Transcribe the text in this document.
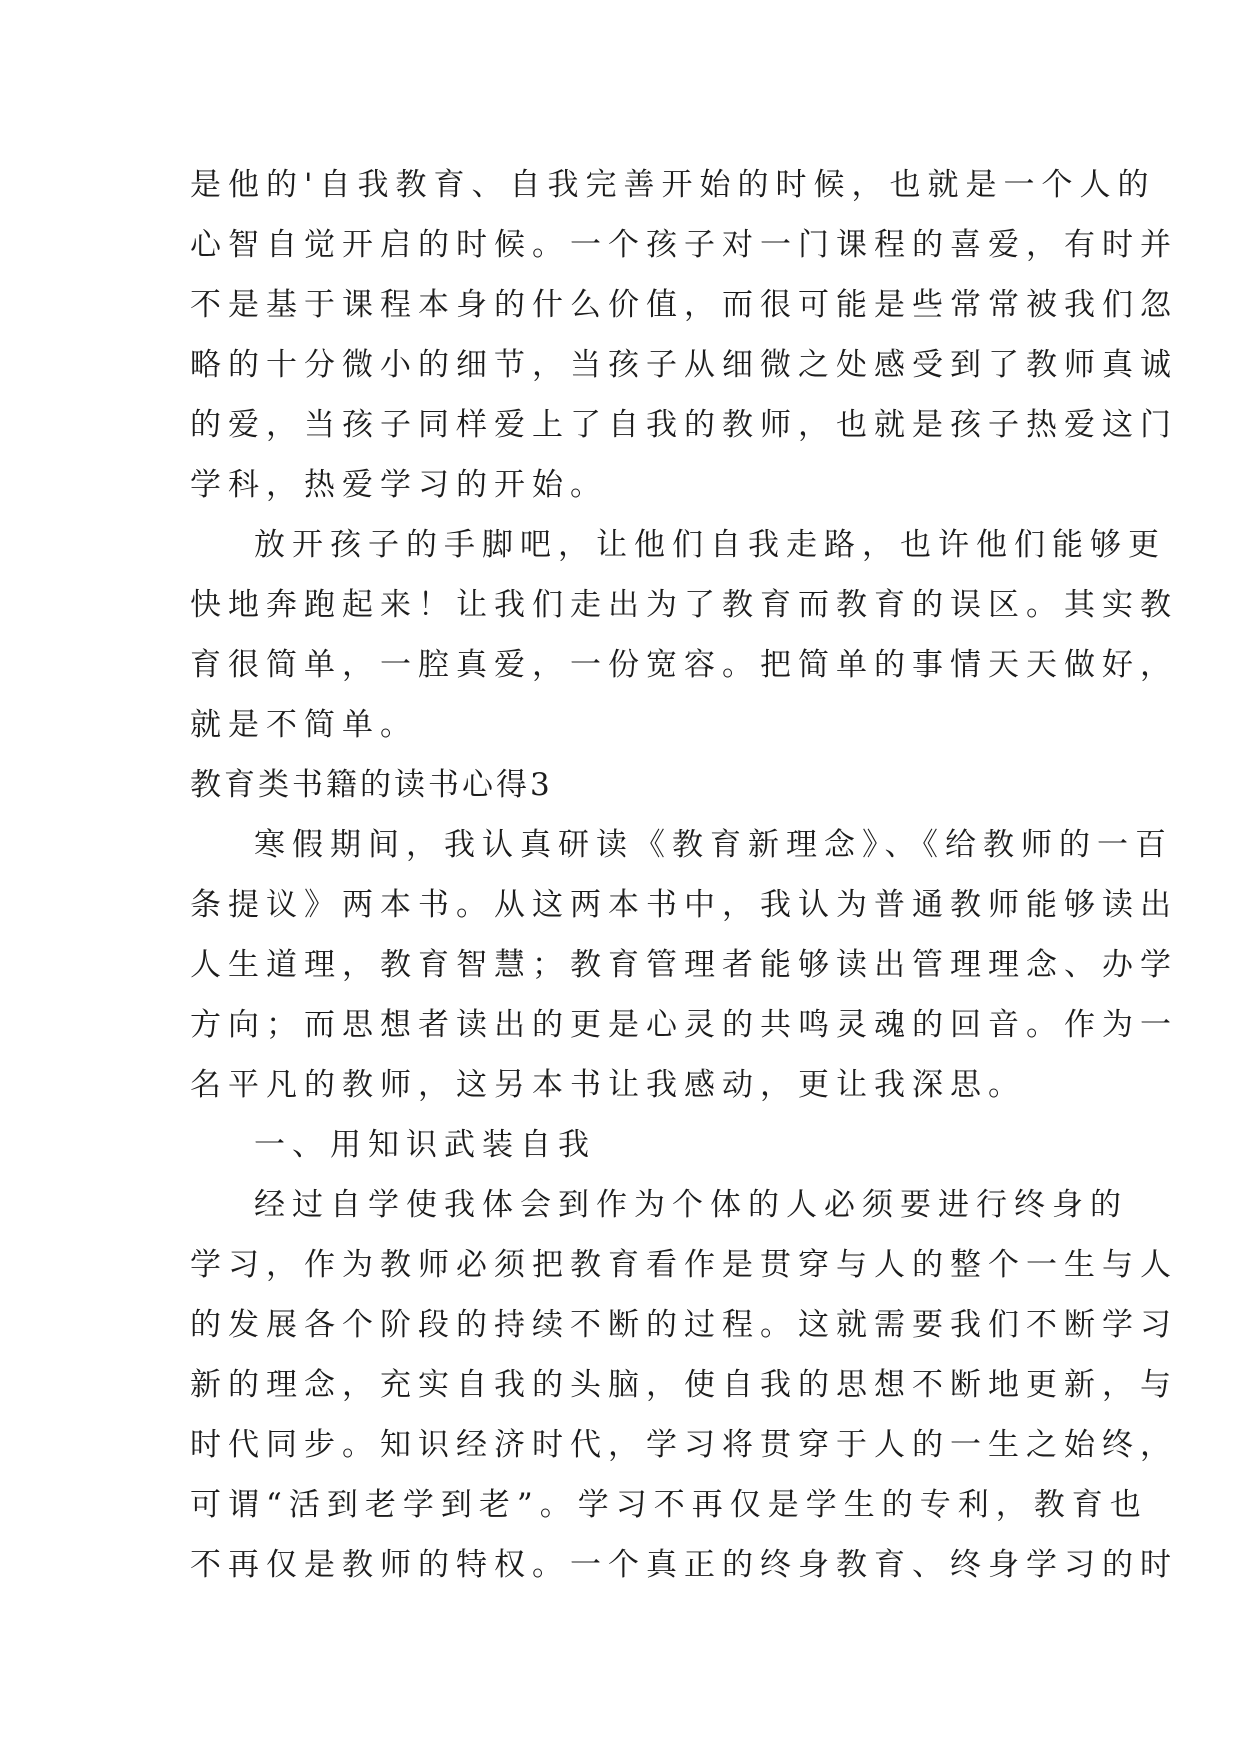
是他的'自我教育、自我完善开始的时候，也就是一个人的
心智自觉开启的时候。一个孩子对一门课程的喜爱，有时并
不是基于课程本身的什么价值，而很可能是些常常被我们忽
略的十分微小的细节，当孩子从细微之处感受到了教师真诚
的爱，当孩子同样爱上了自我的教师，也就是孩子热爱这门
学科，热爱学习的开始。
放开孩子的手脚吧，让他们自我走路，也许他们能够更
快地奔跑起来！让我们走出为了教育而教育的误区。其实教
育很简单，一腔真爱，一份宽容。把简单的事情天天做好，
就是不简单。
教育类书籍的读书心得3
寒假期间，我认真研读《教育新理念》、《给教师的一百
条提议》两本书。从这两本书中，我认为普通教师能够读出
人生道理，教育智慧；教育管理者能够读出管理理念、办学
方向；而思想者读出的更是心灵的共鸣灵魂的回音。作为一
名平凡的教师，这另本书让我感动，更让我深思。
一、用知识武装自我
经过自学使我体会到作为个体的人必须要进行终身的
学习，作为教师必须把教育看作是贯穿与人的整个一生与人
的发展各个阶段的持续不断的过程。这就需要我们不断学习
新的理念，充实自我的头脑，使自我的思想不断地更新，与
时代同步。知识经济时代，学习将贯穿于人的一生之始终，
可谓“活到老学到老”。学习不再仅是学生的专利，教育也
不再仅是教师的特权。一个真正的终身教育、终身学习的时
